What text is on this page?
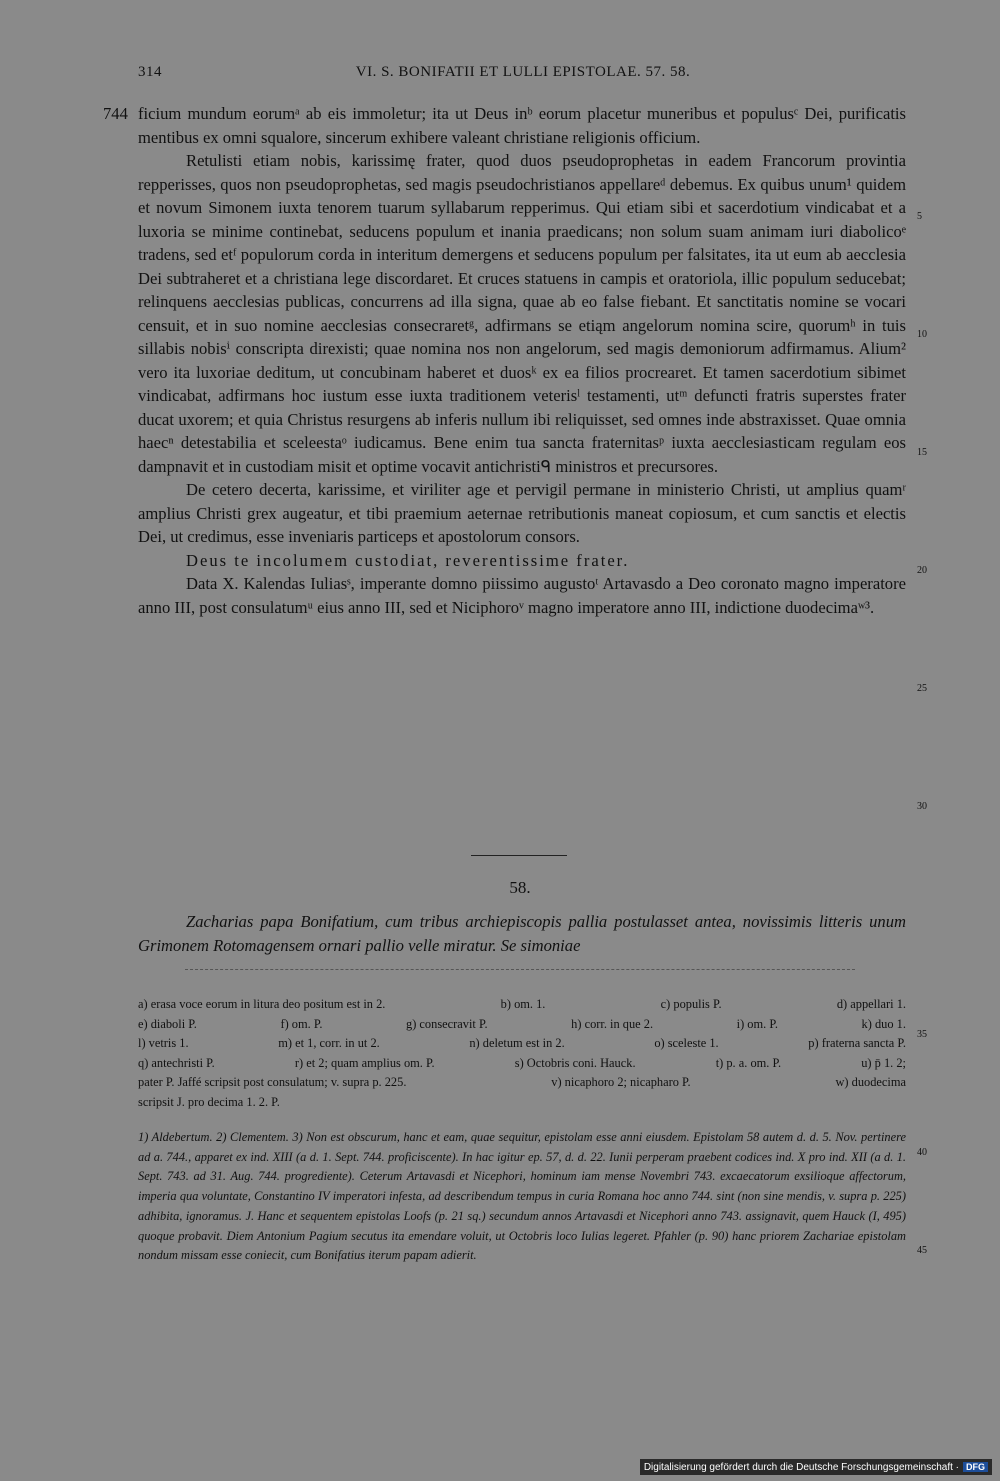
314	VI. S. BONIFATII ET LULLI EPISTOLAE. 57. 58.
744
5
10
15
20
25
30
35
40
45

ficium mundum eorumᵃ ab eis immoletur; ita ut Deus inᵇ eorum placetur muneribus et populusᶜ Dei, purificatis mentibus ex omni squalore, sincerum exhibere valeant christiane religionis officium.

Retulisti etiam nobis, karissimę frater, quod duos pseudoprophetas in eadem Francorum provintia repperisses, quos non pseudoprophetas, sed magis pseudochristianos appellareᵈ debemus. Ex quibus unum¹ quidem et novum Simonem iuxta tenorem tuarum syllabarum repperimus. Qui etiam sibi et sacerdotium vindicabat et a luxoria se minime continebat, seducens populum et inania praedicans; non solum suam animam iuri diabolicoᵉ tradens, sed etᶠ populorum corda in interitum demergens et seducens populum per falsitates, ita ut eum ab aecclesia Dei subtraheret et a christiana lege discordaret. Et cruces statuens in campis et oratoriola, illic populum seducebat; relinquens aecclesias publicas, concurrens ad illa signa, quae ab eo false fiebant. Et sanctitatis nomine se vocari censuit, et in suo nomine aecclesias consecraretᵍ, adfirmans se etiąm angelorum nomina scire, quorumʰ in tuis sillabis nobisⁱ conscripta direxisti; quae nomina nos non angelorum, sed magis demoniorum adfirmamus. Alium² vero ita luxoriae deditum, ut concubinam haberet et duosᵏ ex ea filios procrearet. Et tamen sacerdotium sibimet vindicabat, adfirmans hoc iustum esse iuxta traditionem veterisˡ testamenti, utᵐ defuncti fratris superstes frater ducat uxorem; et quia Christus resurgens ab inferis nullum ibi reliquisset, sed omnes inde abstraxisset. Quae omnia haecⁿ detestabilia et sceleestaᵒ iudicamus. Bene enim tua sancta fraternitasᵖ iuxta aecclesiasticam regulam eos dampnavit et in custodiam misit et optime vocavit antichristiᑫ ministros et precursores.

De cetero decerta, karissime, et viriliter age et pervigil permane in ministerio Christi, ut amplius quamʳ amplius Christi grex augeatur, et tibi praemium aeternae retributionis maneat copiosum, et cum sanctis et electis Dei, ut credimus, esse inveniaris particeps et apostolorum consors.

Deus te incolumem custodiat, reverentissime frater.

Data X. Kalendas Iuliasˢ, imperante domno piissimo augustoᵗ Artavasdo a Deo coronato magno imperatore anno III, post consulatumᵘ eius anno III, sed et Niciphoroᵛ magno imperatore anno III, indictione duodecimaʷ³.

58.
Zacharias papa Bonifatium, cum tribus archiepiscopis pallia postulasset antea, novissimis litteris unum Grimonem Rotomagensem ornari pallio velle miratur. Se simoniae
a) erasa voce eorum in litura deo positum est in 2.	b) om. 1.	c) populis P.	d) appellari 1.
e) diaboli P.	f) om. P.	g) consecravit P.	h) corr. in que 2.	i) om. P.	k) duo 1.
l) vetris 1.	m) et 1, corr. in ut 2.	n) deletum est in 2.	o) sceleste 1.	p) fraterna sancta P.
q) antechristi P.	r) et 2; quam amplius om. P.	s) Octobris coni. Hauck.	t) p. a. om. P.	u) p̄ 1. 2;
pater P. Jaffé scripsit post consulatum; v. supra p. 225.	v) nicaphoro 2; nicapharo P.	w) duodecima
scripsit J. pro decima 1. 2. P.
1) Aldebertum. 2) Clementem. 3) Non est obscurum, hanc et eam, quae sequitur, epistolam esse anni eiusdem. Epistolam 58 autem d. d. 5. Nov. pertinere ad a. 744., apparet ex ind. XIII (a d. 1. Sept. 744. proficiscente). In hac igitur ep. 57, d. d. 22. Iunii perperam praebent codices ind. X pro ind. XII (a d. 1. Sept. 743. ad 31. Aug. 744. progrediente). Ceterum Artavasdi et Nicephori, hominum iam mense Novembri 743. excaecatorum exsilioque affectorum, imperia qua voluntate, Constantino IV imperatori infesta, ad describendum tempus in curia Romana hoc anno 744. sint (non sine mendis, v. supra p. 225) adhibita, ignoramus. J. Hanc et sequentem epistolas Loofs (p. 21 sq.) secundum annos Artavasdi et Nicephori anno 743. assignavit, quem Hauck (I, 495) quoque probavit. Diem Antonium Pagium secutus ita emendare voluit, ut Octobris loco Iulias legeret. Pfahler (p. 90) hanc priorem Zachariae epistolam nondum missam esse coniecit, cum Bonifatius iterum papam adierit.
Digitalisierung gefördert durch die Deutsche Forschungsgemeinschaft · DFG
